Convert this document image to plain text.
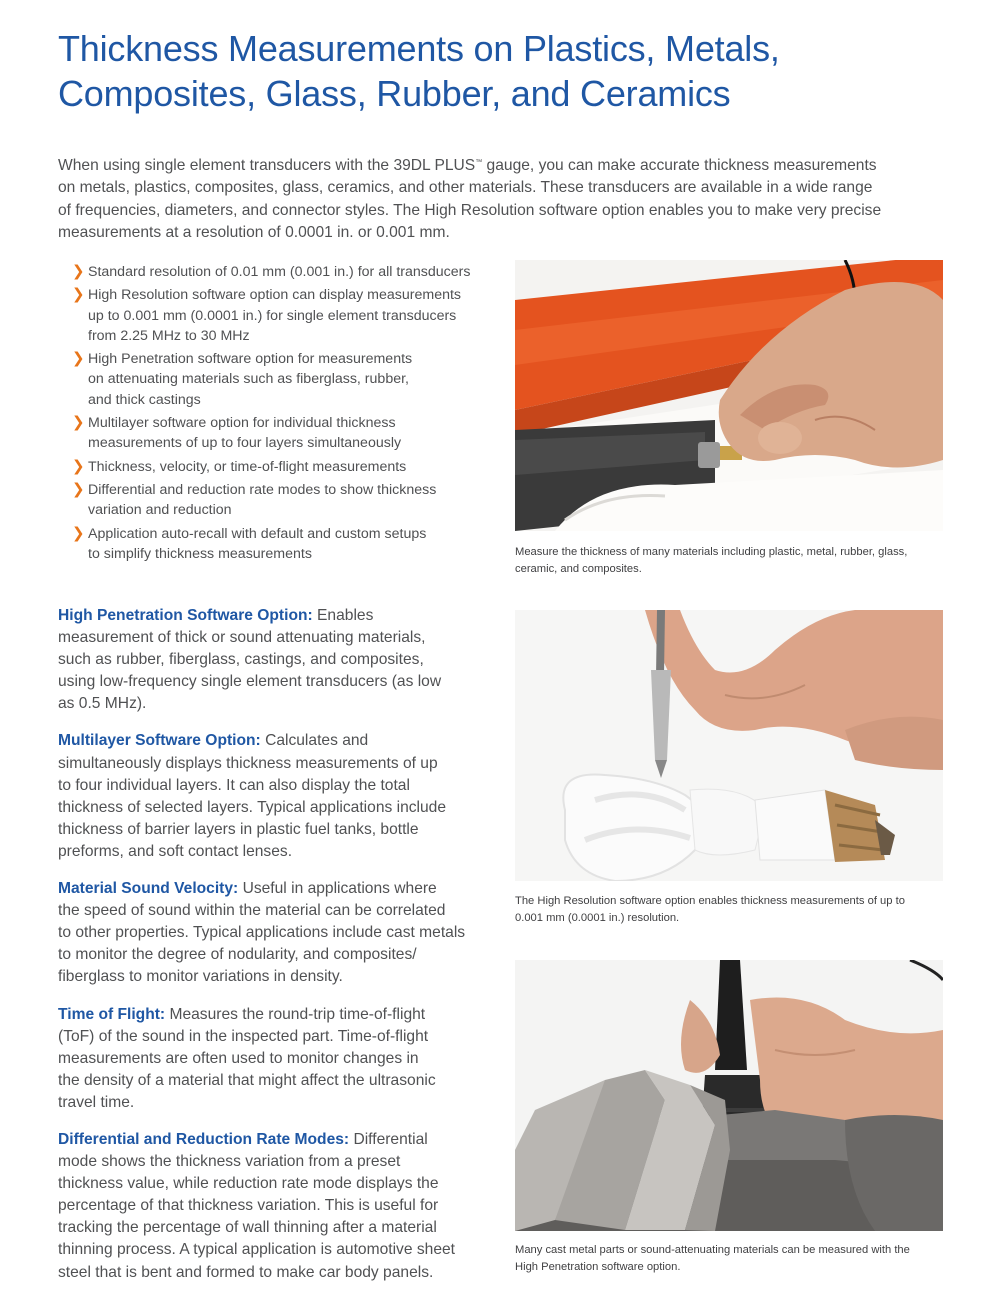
Thickness Measurements on Plastics, Metals,
Composites, Glass, Rubber, and Ceramics

When using single element transducers with the 39DL PLUS™ gauge, you can make accurate thickness measurements
on metals, plastics, composites, glass, ceramics, and other materials. These transducers are available in a wide range
of frequencies, diameters, and connector styles. The High Resolution software option enables you to make very precise
measurements at a resolution of 0.0001 in. or 0.001 mm.

❯ Standard resolution of 0.01 mm (0.001 in.) for all transducers
❯ High Resolution software option can display measurements
up to 0.001 mm (0.0001 in.) for single element transducers
from 2.25 MHz to 30 MHz
❯ High Penetration software option for measurements
on attenuating materials such as fiberglass, rubber,
and thick castings
❯ Multilayer software option for individual thickness
measurements of up to four layers simultaneously
❯ Thickness, velocity, or time-of-flight measurements
❯ Differential and reduction rate modes to show thickness
variation and reduction
❯ Application auto-recall with default and custom setups
to simplify thickness measurements

High Penetration Software Option: Enables
measurement of thick or sound attenuating materials,
such as rubber, fiberglass, castings, and composites,
using low-frequency single element transducers (as low
as 0.5 MHz).

Multilayer Software Option: Calculates and
simultaneously displays thickness measurements of up
to four individual layers. It can also display the total
thickness of selected layers. Typical applications include
thickness of barrier layers in plastic fuel tanks, bottle
preforms, and soft contact lenses.

Material Sound Velocity: Useful in applications where
the speed of sound within the material can be correlated
to other properties. Typical applications include cast metals
to monitor the degree of nodularity, and composites/
fiberglass to monitor variations in density.

Time of Flight: Measures the round-trip time-of-flight
(ToF) of the sound in the inspected part. Time-of-flight
measurements are often used to monitor changes in
the density of a material that might affect the ultrasonic
travel time.

Differential and Reduction Rate Modes: Differential
mode shows the thickness variation from a preset
thickness value, while reduction rate mode displays the
percentage of that thickness variation. This is useful for
tracking the percentage of wall thinning after a material
thinning process. A typical application is automotive sheet
steel that is bent and formed to make car body panels.

Measure the thickness of many materials including plastic, metal, rubber, glass,
ceramic, and composites.

The High Resolution software option enables thickness measurements of up to
0.001 mm (0.0001 in.) resolution.

Many cast metal parts or sound-attenuating materials can be measured with the
High Penetration software option.
